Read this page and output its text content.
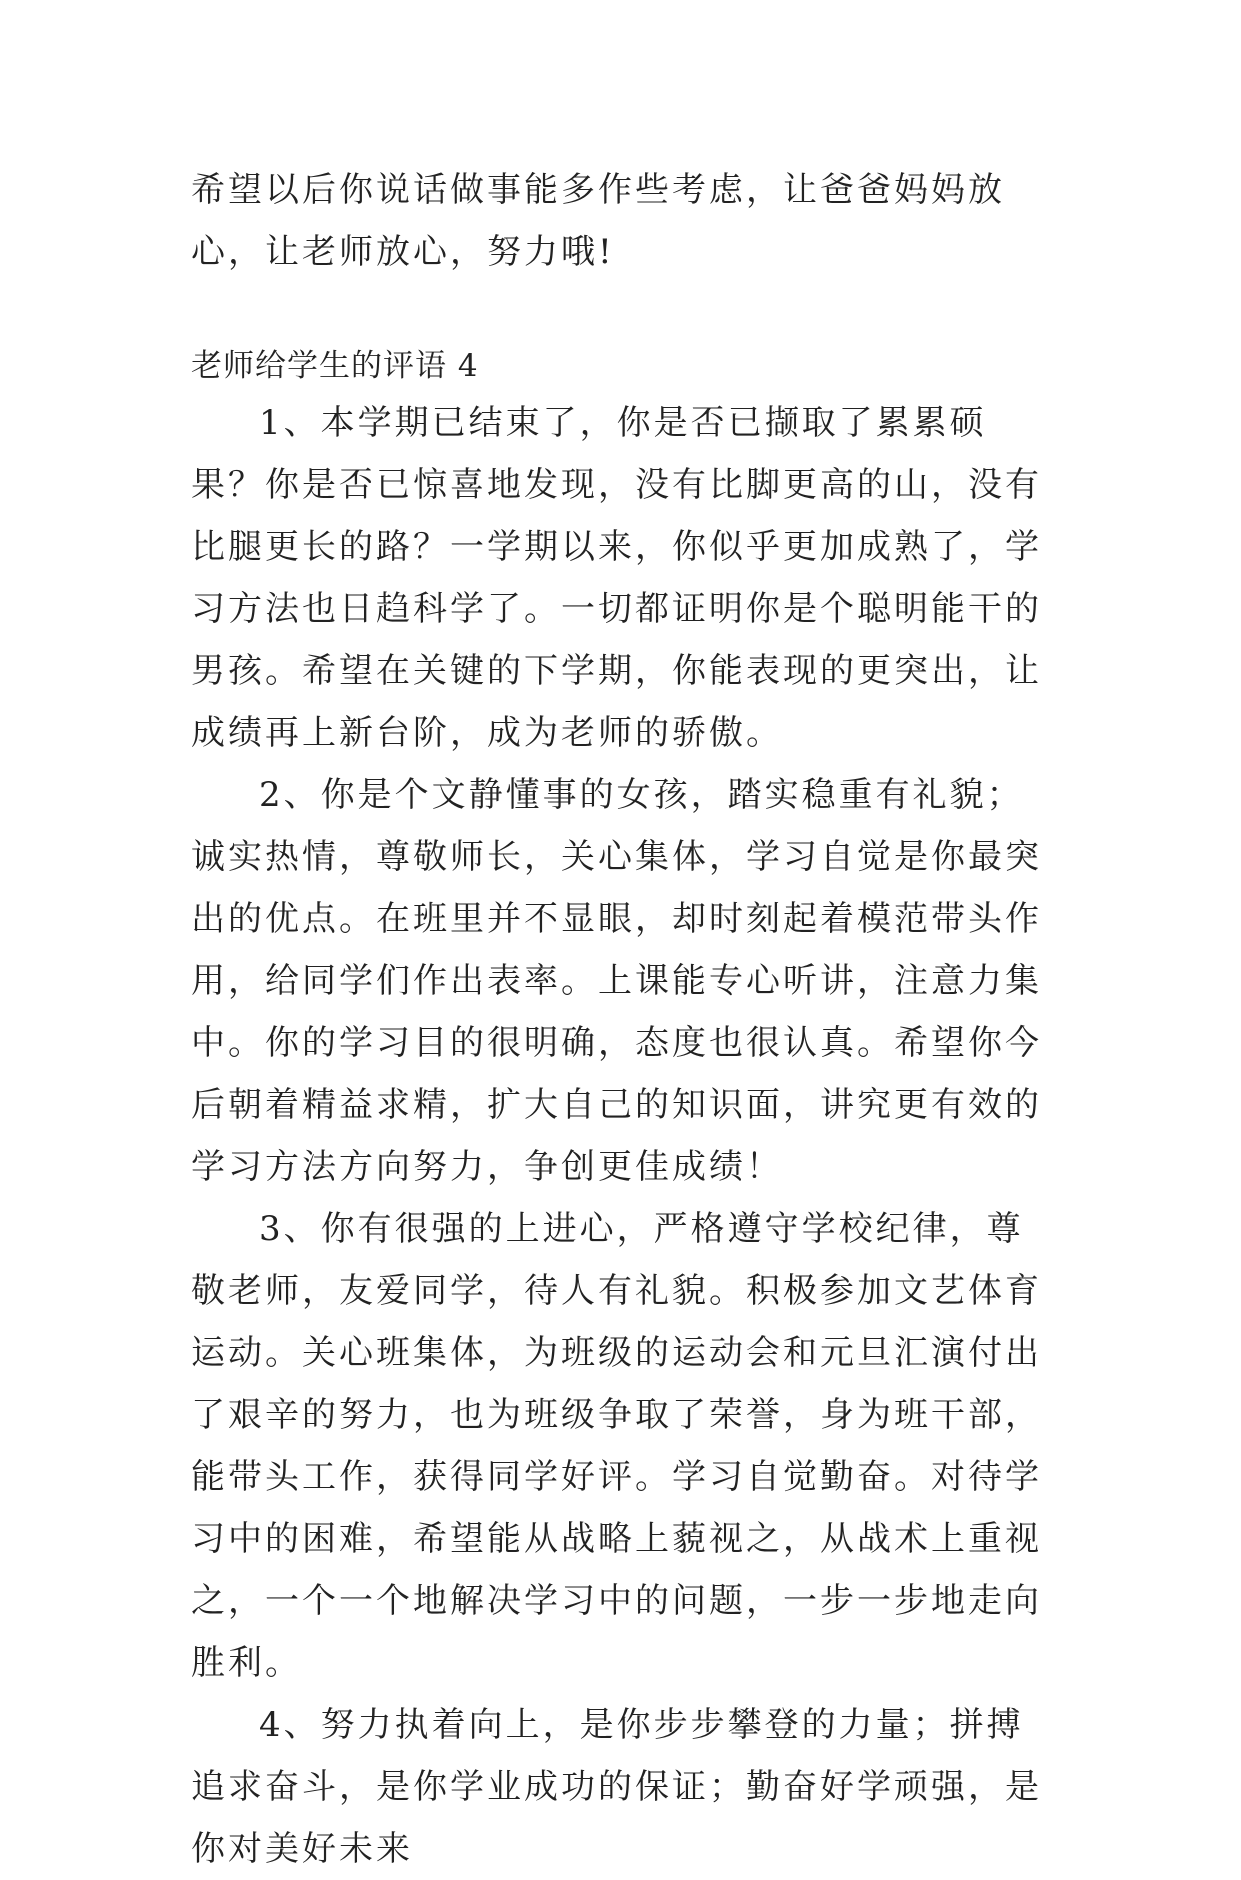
希望以后你说话做事能多作些考虑，让爸爸妈妈放心，让老师放心，努力哦!

老师给学生的评语 4

1、本学期已结束了，你是否已撷取了累累硕果？你是否已惊喜地发现，没有比脚更高的山，没有比腿更长的路？一学期以来，你似乎更加成熟了，学习方法也日趋科学了。一切都证明你是个聪明能干的男孩。希望在关键的下学期，你能表现的更突出，让成绩再上新台阶，成为老师的骄傲。

2、你是个文静懂事的女孩，踏实稳重有礼貌；诚实热情，尊敬师长，关心集体，学习自觉是你最突出的优点。在班里并不显眼，却时刻起着模范带头作用，给同学们作出表率。上课能专心听讲，注意力集中。你的学习目的很明确，态度也很认真。希望你今后朝着精益求精，扩大自己的知识面，讲究更有效的学习方法方向努力，争创更佳成绩！

3、你有很强的上进心，严格遵守学校纪律，尊敬老师，友爱同学，待人有礼貌。积极参加文艺体育运动。关心班集体，为班级的运动会和元旦汇演付出了艰辛的努力，也为班级争取了荣誉，身为班干部，能带头工作，获得同学好评。学习自觉勤奋。对待学习中的困难，希望能从战略上藐视之，从战术上重视之，一个一个地解决学习中的问题，一步一步地走向胜利。

4、努力执着向上，是你步步攀登的力量；拼搏追求奋斗，是你学业成功的保证；勤奋好学顽强，是你对美好未来
